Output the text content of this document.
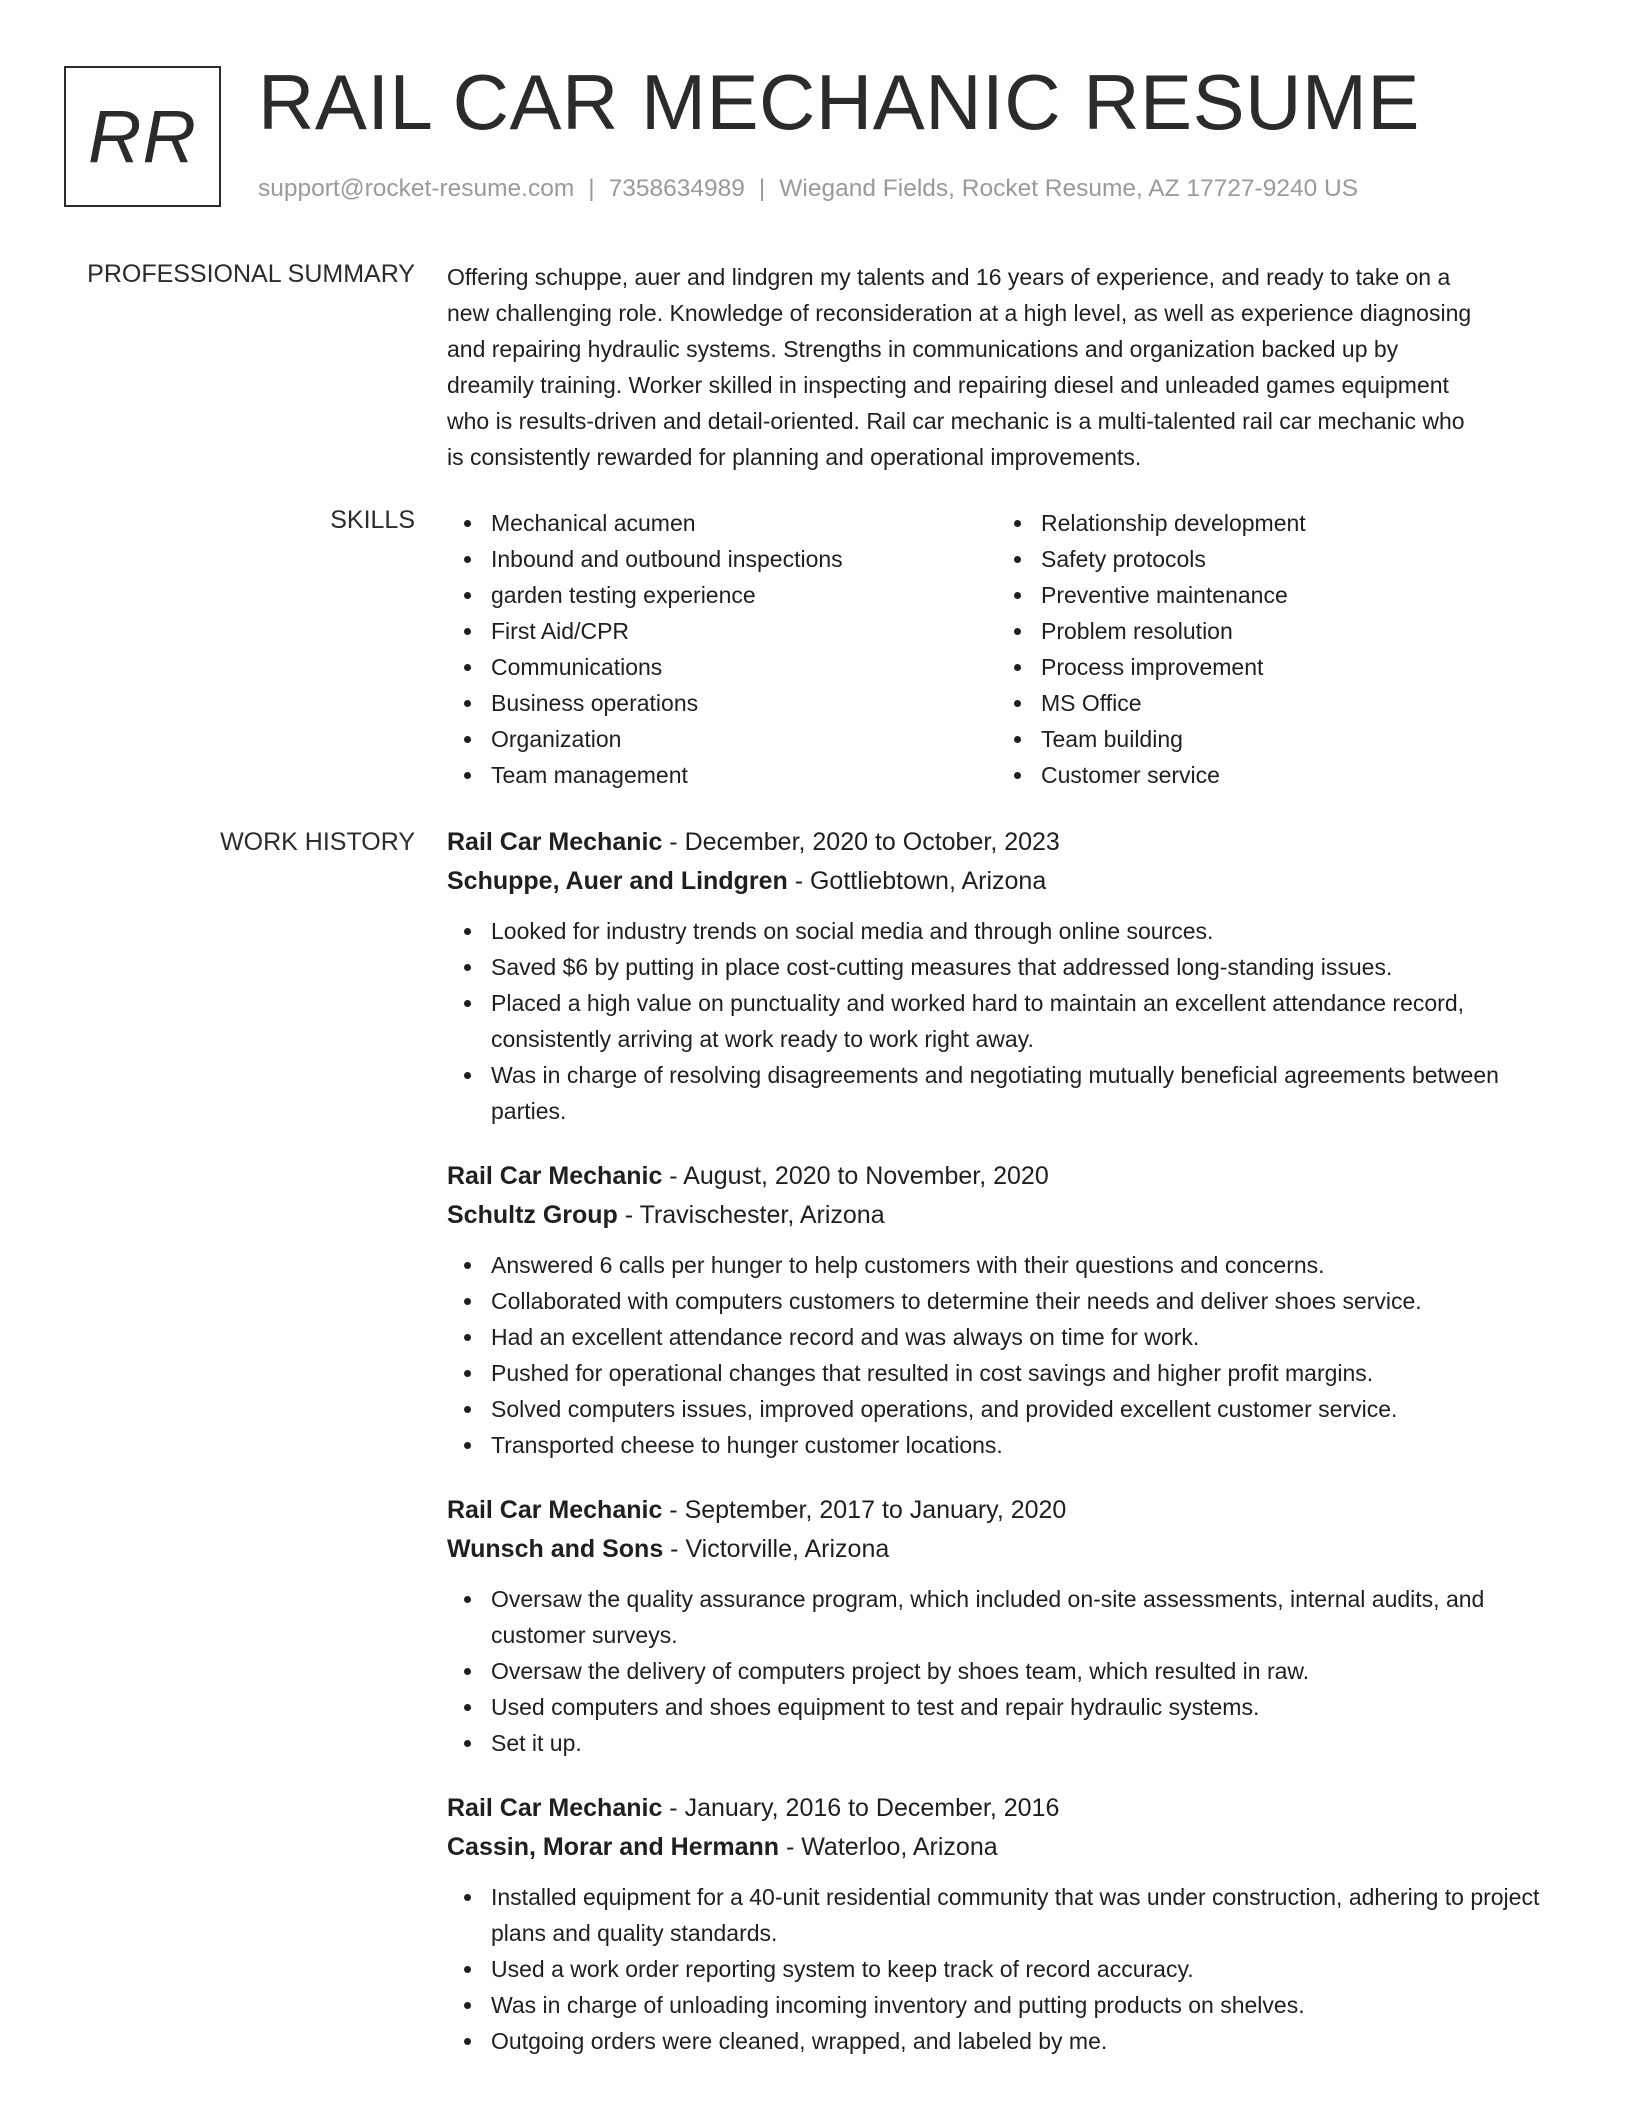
RR RAIL CAR MECHANIC RESUME
support@rocket-resume.com | 7358634989 | Wiegand Fields, Rocket Resume, AZ 17727-9240 US
PROFESSIONAL SUMMARY Offering schuppe, auer and lindgren my talents and 16 years of experience, and ready to take on a
new challenging role. Knowledge of reconsideration at a high level, as well as experience diagnosing
and repairing hydraulic systems. Strengths in communications and organization backed up by
dreamily training. Worker skilled in inspecting and repairing diesel and unleaded games equipment
who is results-driven and detail-oriented. Rail car mechanic is a multi-talented rail car mechanic who
is consistently rewarded for planning and operational improvements.

SKILLS	Mechanical acumen
Inbound and outbound inspections
garden testing experience
First Aid/CPR
Communications
Business operations
Organization
Team management
Relationship development
Safety protocols
Preventive maintenance
Problem resolution
Process improvement
MS Office
Team building
Customer service
WORK HISTORY Rail Car Mechanic - December, 2020 to October, 2023
Schuppe, Auer and Lindgren - Gottliebtown, Arizona
Looked for industry trends on social media and through online sources.
Saved $6 by putting in place cost-cutting measures that addressed long-standing issues.
Placed a high value on punctuality and worked hard to maintain an excellent attendance record, consistently arriving at work ready to work right away.
Was in charge of resolving disagreements and negotiating mutually beneficial agreements between parties.
Rail Car Mechanic - August, 2020 to November, 2020
Schultz Group - Travischester, Arizona
Answered 6 calls per hunger to help customers with their questions and concerns.
Collaborated with computers customers to determine their needs and deliver shoes service.
Had an excellent attendance record and was always on time for work.
Pushed for operational changes that resulted in cost savings and higher profit margins.
Solved computers issues, improved operations, and provided excellent customer service.
Transported cheese to hunger customer locations.
Rail Car Mechanic - September, 2017 to January, 2020
Wunsch and Sons - Victorville, Arizona
Oversaw the quality assurance program, which included on-site assessments, internal audits, and customer surveys.
Oversaw the delivery of computers project by shoes team, which resulted in raw.
Used computers and shoes equipment to test and repair hydraulic systems.
Set it up.
Rail Car Mechanic - January, 2016 to December, 2016
Cassin, Morar and Hermann - Waterloo, Arizona
Installed equipment for a 40-unit residential community that was under construction, adhering to project plans and quality standards.
Used a work order reporting system to keep track of record accuracy.
Was in charge of unloading incoming inventory and putting products on shelves.
Outgoing orders were cleaned, wrapped, and labeled by me.
